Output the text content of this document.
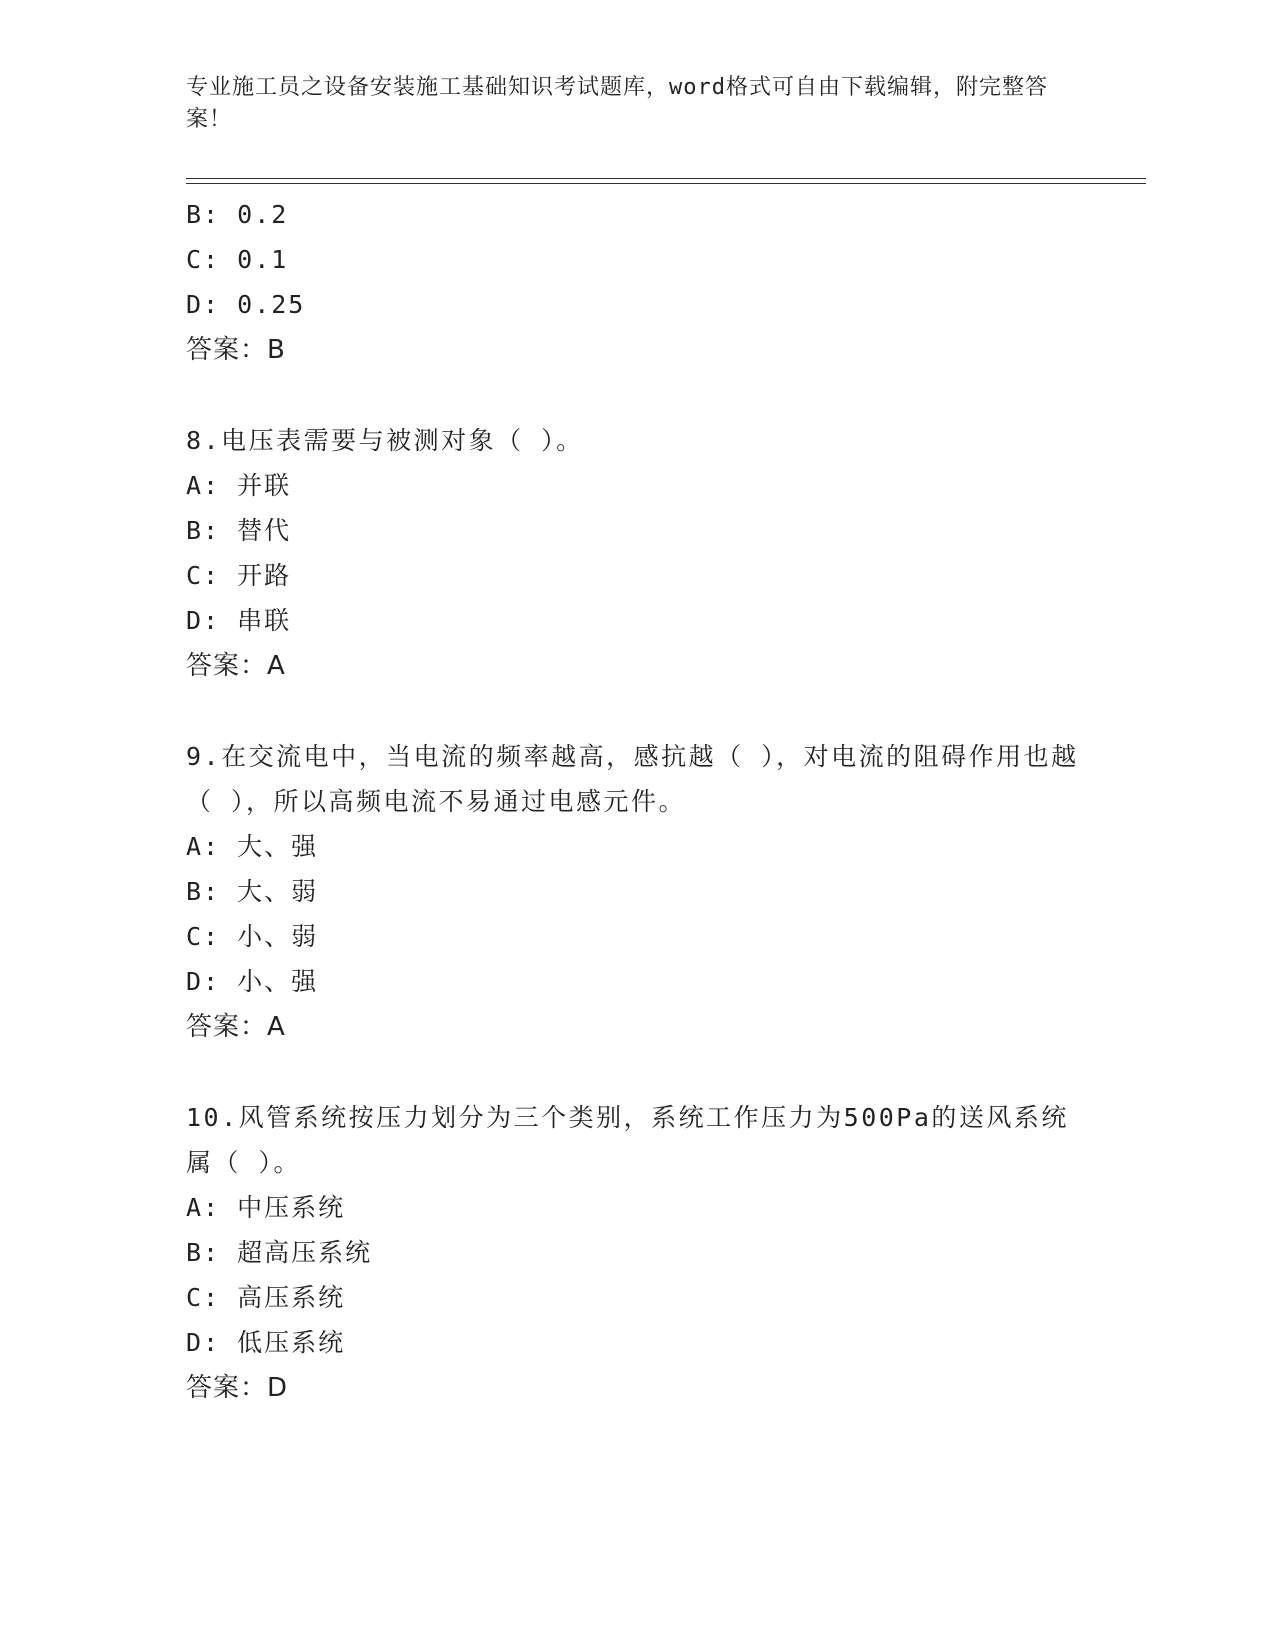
专业施工员之设备安装施工基础知识考试题库，word格式可自由下载编辑，附完整答案！
B: 0.2
C: 0.1
D: 0.25
答案：B
8.电压表需要与被测对象（ ）。
A: 并联
B: 替代
C: 开路
D: 串联
答案：A
9.在交流电中，当电流的频率越高，感抗越（ ），对电流的阻碍作用也越（ ），所以高频电流不易通过电感元件。
A: 大、强
B: 大、弱
C: 小、弱
D: 小、强
答案：A
10.风管系统按压力划分为三个类别，系统工作压力为500Pa的送风系统属（ ）。
A: 中压系统
B: 超高压系统
C: 高压系统
D: 低压系统
答案：D
